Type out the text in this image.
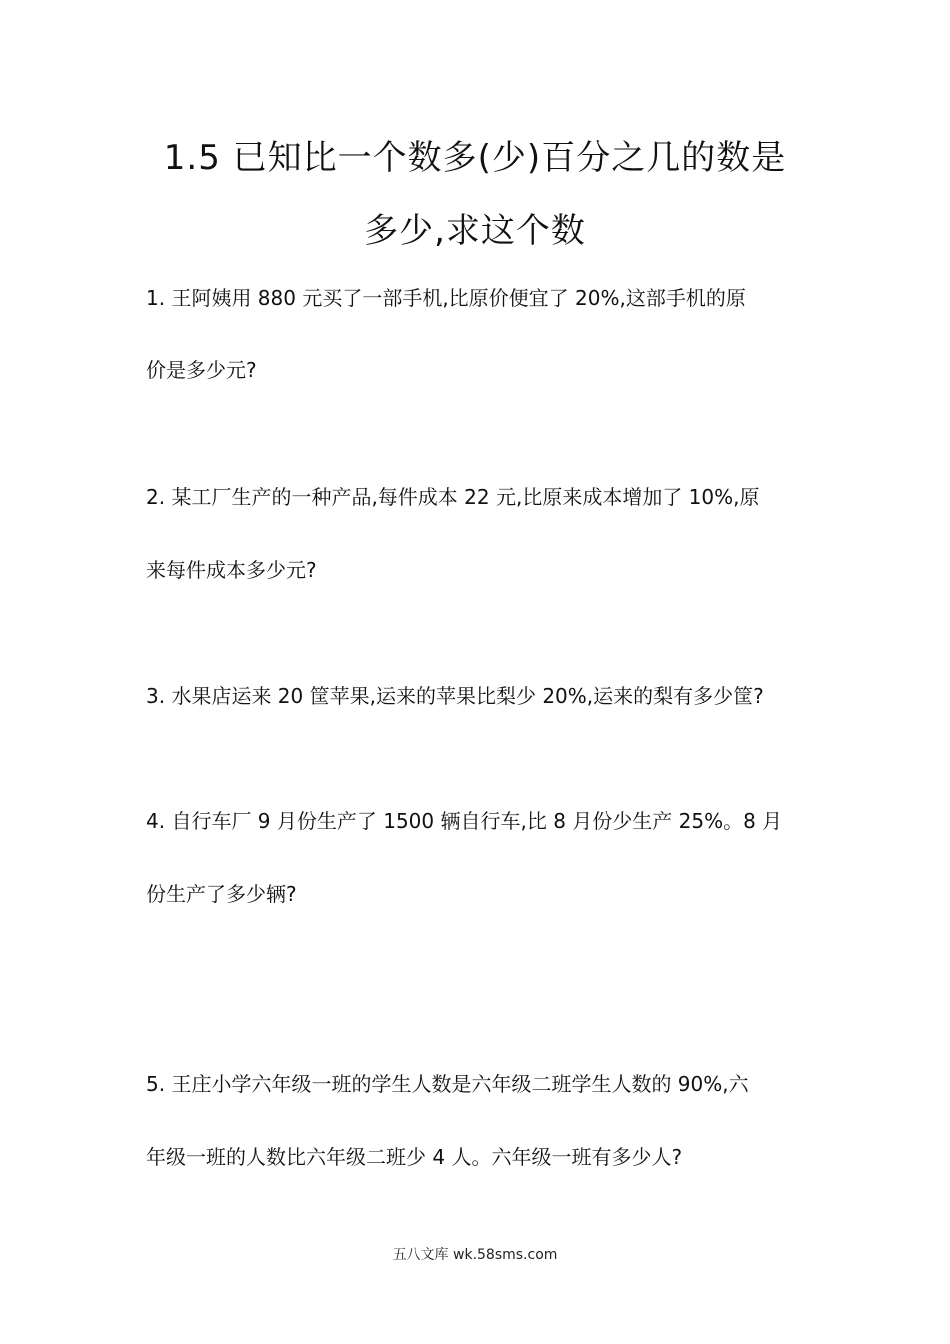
1.5 已知比一个数多(少)百分之几的数是
多少,求这个数
1. 王阿姨用 880 元买了一部手机,比原价便宜了 20%,这部手机的原
价是多少元?
2. 某工厂生产的一种产品,每件成本 22 元,比原来成本增加了 10%,原
来每件成本多少元?
3. 水果店运来 20 筐苹果,运来的苹果比梨少 20%,运来的梨有多少筐?
4. 自行车厂 9 月份生产了 1500 辆自行车,比 8 月份少生产 25%。8 月
份生产了多少辆?
5. 王庄小学六年级一班的学生人数是六年级二班学生人数的 90%,六
年级一班的人数比六年级二班少 4 人。六年级一班有多少人?
五八文库 wk.58sms.com
